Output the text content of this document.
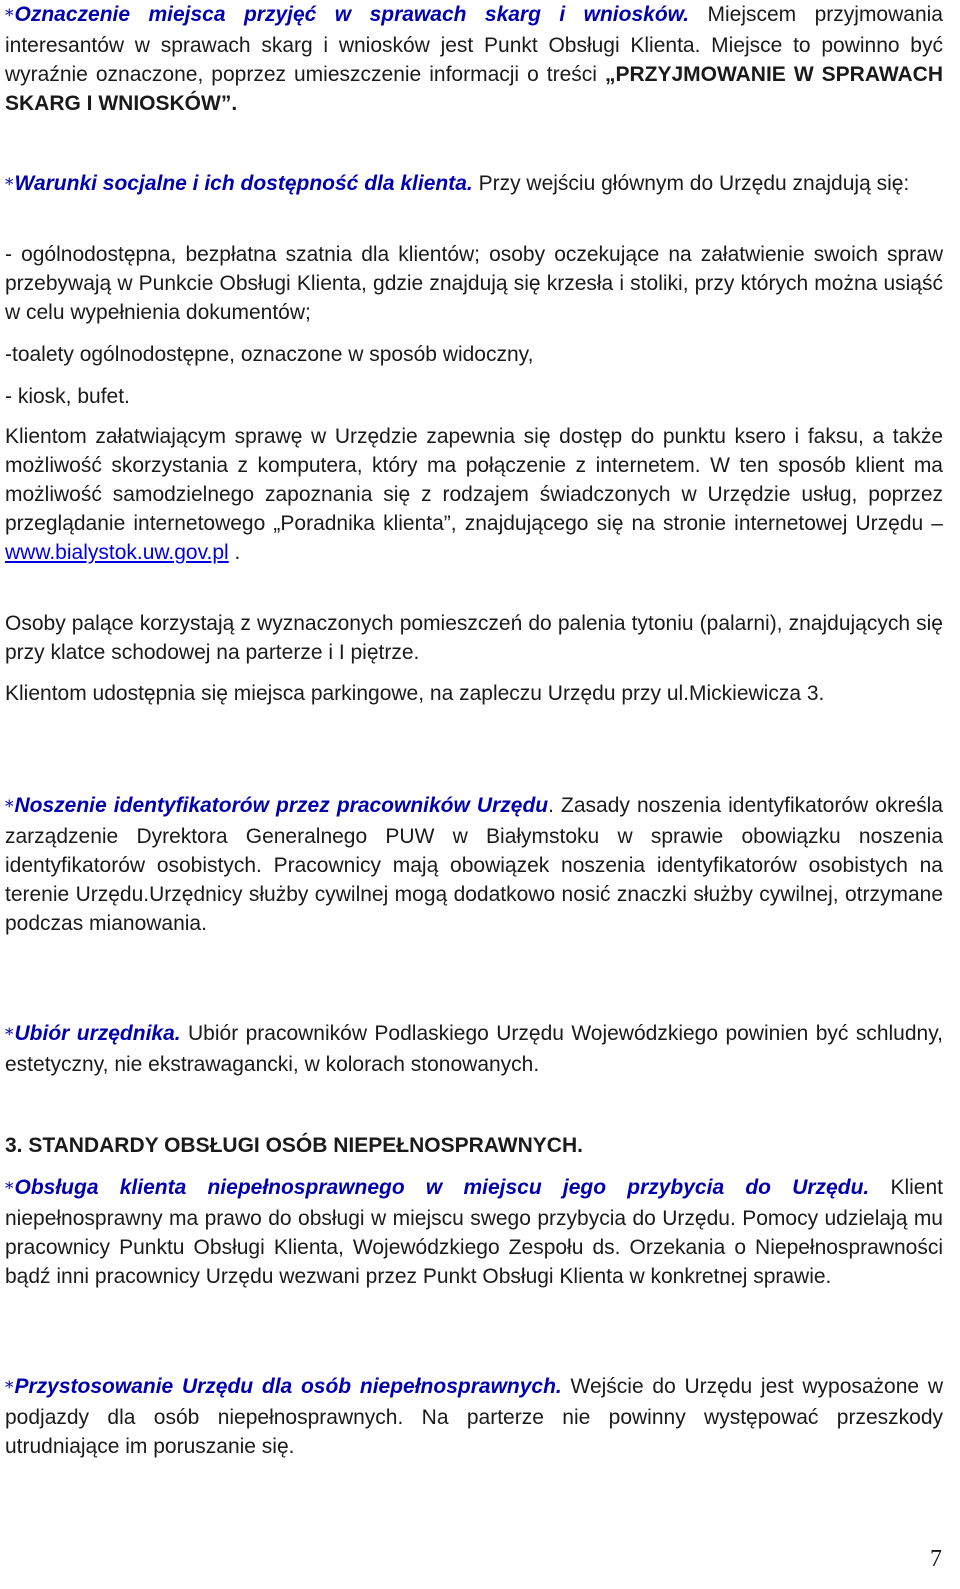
*Oznaczenie miejsca przyjęć w sprawach skarg i wniosków. Miejscem przyjmowania interesantów w sprawach skarg i wniosków jest Punkt Obsługi Klienta. Miejsce to powinno być wyraźnie oznaczone, poprzez umieszczenie informacji o treści „PRZYJMOWANIE W SPRAWACH SKARG I WNIOSKÓW”.

*Warunki socjalne i ich dostępność dla klienta. Przy wejściu głównym do Urzędu znajdują się:

- ogólnodostępna, bezpłatna szatnia dla klientów; osoby oczekujące na załatwienie swoich spraw przebywają w Punkcie Obsługi Klienta, gdzie znajdują się krzesła i stoliki, przy których można usiąść w celu wypełnienia dokumentów;

-toalety ogólnodostępne, oznaczone w sposób widoczny,

- kiosk, bufet.

Klientom załatwiającym sprawę w Urzędzie zapewnia się dostęp do punktu ksero i faksu, a także możliwość skorzystania z komputera, który ma połączenie z internetem. W ten sposób klient ma możliwość samodzielnego zapoznania się z rodzajem świadczonych w Urzędzie usług, poprzez przeglądanie internetowego „Poradnika klienta”, znajdującego się na stronie internetowej Urzędu – www.bialystok.uw.gov.pl .

Osoby palące korzystają z wyznaczonych pomieszczeń do palenia tytoniu (palarni), znajdujących się przy klatce schodowej na parterze i I piętrze.

Klientom udostępnia się miejsca parkingowe, na zapleczu Urzędu przy ul.Mickiewicza 3.

*Noszenie identyfikatorów przez pracowników Urzędu. Zasady noszenia identyfikatorów określa zarządzenie Dyrektora Generalnego PUW w Białymstoku w sprawie obowiązku noszenia identyfikatorów osobistych. Pracownicy mają obowiązek noszenia identyfikatorów osobistych na terenie Urzędu.Urzędnicy służby cywilnej mogą dodatkowo nosić znaczki służby cywilnej, otrzymane podczas mianowania.

*Ubiór urzędnika. Ubiór pracowników Podlaskiego Urzędu Wojewódzkiego powinien być schludny, estetyczny, nie ekstrawagancki, w kolorach stonowanych.

3. STANDARDY OBSŁUGI OSÓB NIEPEŁNOSPRAWNYCH.

*Obsługa klienta niepełnosprawnego w miejscu jego przybycia do Urzędu. Klient niepełnosprawny ma prawo do obsługi w miejscu swego przybycia do Urzędu. Pomocy udzielają mu pracownicy Punktu Obsługi Klienta, Wojewódzkiego Zespołu ds. Orzekania o Niepełnosprawności bądź inni pracownicy Urzędu wezwani przez Punkt Obsługi Klienta w konkretnej sprawie.

*Przystosowanie Urzędu dla osób niepełnosprawnych. Wejście do Urzędu jest wyposażone w podjazdy dla osób niepełnosprawnych. Na parterze nie powinny występować przeszkody utrudniające im poruszanie się.

7
